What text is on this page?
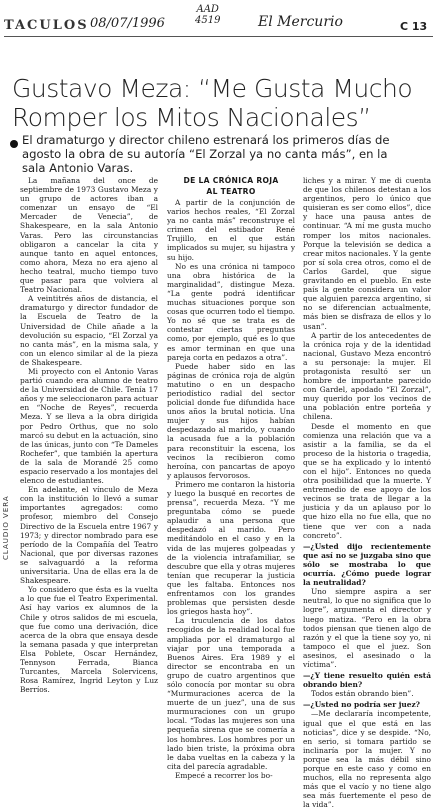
TACULOS 08/07/1996
AAD
4519	El Mercurio	C 13
Gustavo Meza: “Me Gusta Mucho Romper los Mitos Nacionales”
El dramaturgo y director chileno estrenará los primeros días de agosto la obra de su autoría “El Zorzal ya no canta más”, en la sala Antonio Varas.
CLAUDIO VERA

La mañana del once de septiembre de 1973 Gustavo Meza y un grupo de actores iban a comenzar un ensayo de “El Mercader de Venecia”, de Shakespeare, en la sala Antonio Varas. Pero las circunstancias obligaron a cancelar la cita y aunque tanto en aquel entonces, como ahora, Meza no era ajeno al hecho teatral, mucho tiempo tuvo que pasar para que volviera al Teatro Nacional.

A veintitrés años de distancia, el dramaturgo y director fundador de la Escuela de Teatro de la Universidad de Chile añade a la devolución su espacio, “El Zorzal ya no canta más”, en la misma sala, y con un elenco similar al de la pieza de Shakespeare.

Mi proyecto con el Antonio Varas partió cuando era alumno de teatro de la Universidad de Chile. Tenía 17 años y me seleccionaron para actuar en “Noche de Reyes”, recuerda Meza. Y se lleva a la obra dirigida por Pedro Orthus, que no solo marcó su debut en la actuación, sino de las únicas, junto con “Te Dameles Rochefer”, que también la apertura de la sala de Morandé 25 como espacio reservado a los montajes del elenco de estudiantes.

En adelante, el vínculo de Meza con la institución lo llevó a sumar importantes agregados: como profesor, miembro del Consejo Directivo de la Escuela entre 1967 y 1973; y director nombrado para ese período de la Compañía del Teatro Nacional, que por diversas razones se salvaguardó a la reforma universitaria. Una de ellas era la de Shakespeare.

Yo considero que ésta es la vuelta a lo que fue el Teatro Experimental. Así hay varios ex alumnos de la Chile y otros salidos de mi escuela, que fue como una derivación, dice acerca de la obra que ensaya desde la semana pasada y que interpretan Elsa Poblete, Oscar Hernández, Tennyson Ferrada, Bianca Turcantes, Marcela Solervicens, Rosa Ramírez, Ingrid Leyton y Luz Berríos.

DE LA CRÓNICA ROJA
AL TEATRO

A partir de la conjunción de varios hechos reales, “El Zorzal ya no canta más” reconstruye el crimen del estibador René Trujillo, en el que están implicados su mujer, su hijastra y su hijo.

No es una crónica ni tampoco una obra histórica de la marginalidad”, distingue Meza. “La gente podrá identificar muchas situaciones porque son cosas que ocurren todo el tiempo. Yo no sé que se trata es de contestar ciertas preguntas como, por ejemplo, qué es lo que es amor terminan en que una pareja corta en pedazos a otra”.

Puede haber sido en las páginas de crónica roja de algún matutino o en un despacho periodístico radial del sector policial donde fue difundida hace unos años la brutal noticia. Una mujer y sus hijos habían despedazado al marido, y cuando la acusada fue a la población para reconstituir la escena, los vecinos la recibieron como heroína, con pancartas de apoyo y aplausos fervorosos.

Primero me contaron la historia y luego la busqué en recortes de prensa”, recuerda Meza. “Y me preguntaba cómo se puede aplaudir a una persona que despedazó al marido. Pero meditándolo en el caso y en la vida de las mujeres golpeadas y de la violencia intrafamiliar, se descubre que ella y otras mujeres tenían que recuperar la justicia que les faltaba. Entonces nos enfrentamos con los grandes problemas que persisten desde los griegos hasta hoy”.

La truculencia de los datos recogidos de la realidad local fue ampliada por el dramaturgo al viajar por una temporada a Buenos Aires. Era 1989 y el director se encontraba en un grupo de cuatro argentinos que sólo conocía por montar su obra “Murmuraciones acerca de la muerte de un juez”, una de sus murmuraciones con un grupo local. “Todas las mujeres son una pequeña sirena que se comería a los hombres. Los hombres por un lado bien triste, la próxima obra le daba vueltas en la cabeza y la cita del parecía agradable.

Empecé a recorrer los bo-

liches y a mirar. Y me di cuenta de que los chilenos detestan a los argentinos, pero lo único que quisieran es ser como ellos”, dice y hace una pausa antes de continuar. “A mí me gusta mucho romper los mitos nacionales. Porque la televisión se dedica a crear mitos nacionales. Y la gente por sí sola crea otros, como el de Carlos Gardel, que sigue gravitando en el pueblo. En este país la gente considera un valor que alguien parezca argentino, si no se diferencian actualmente, más bien se disfraza de ellos y lo usan”.

A partir de los antecedentes de la crónica roja y de la identidad nacional, Gustavo Meza encontró a su personaje: la mujer. El protagonista resultó ser un hombre de importante parecido con Gardel, apodado “El Zorzal”, muy querido por los vecinos de una población entre porteña y chilena.

Desde el momento en que comienza una relación que va a asistir a la familia, se da el proceso de la historia o tragedia, que se ha explicado y lo intentó con el hijo”. Entonces no queda otra posibilidad que la muerte. Y entremedio de ese apoyo de los vecinos se trata de llegar a la justicia y da un aplauso por lo que hizo ella no fue ella, que no tiene que ver con a nada concreto”.

—¿Usted dijo recientemente que así no se juzgaba sino que sólo se mostraba lo que ocurría. ¿Cómo puede lograr la neutralidad?

Uno siempre aspira a ser neutral, lo que no significa que lo logre”, argumenta el director y luego matiza. “Pero en la obra todos piensan que tienen algo de razón y el que la tiene soy yo, ni tampoco el que el juez. Son asesinos, el asesinado o la víctima”.

—¿Y tiene resuelto quién está obrando bien?

Todos están obrando bien”.

—¿Usted no podría ser juez?

—Me declararía incompetente, igual que el que está en las noticias”, dice y se despide. “No, en serio, si tomara partido se inclinaría por la mujer. Y no porque sea la más débil sino porque en este caso y como en muchos, ella no representa algo más que el vacío y no tiene algo sea más fuertemente el peso de la vida”.
